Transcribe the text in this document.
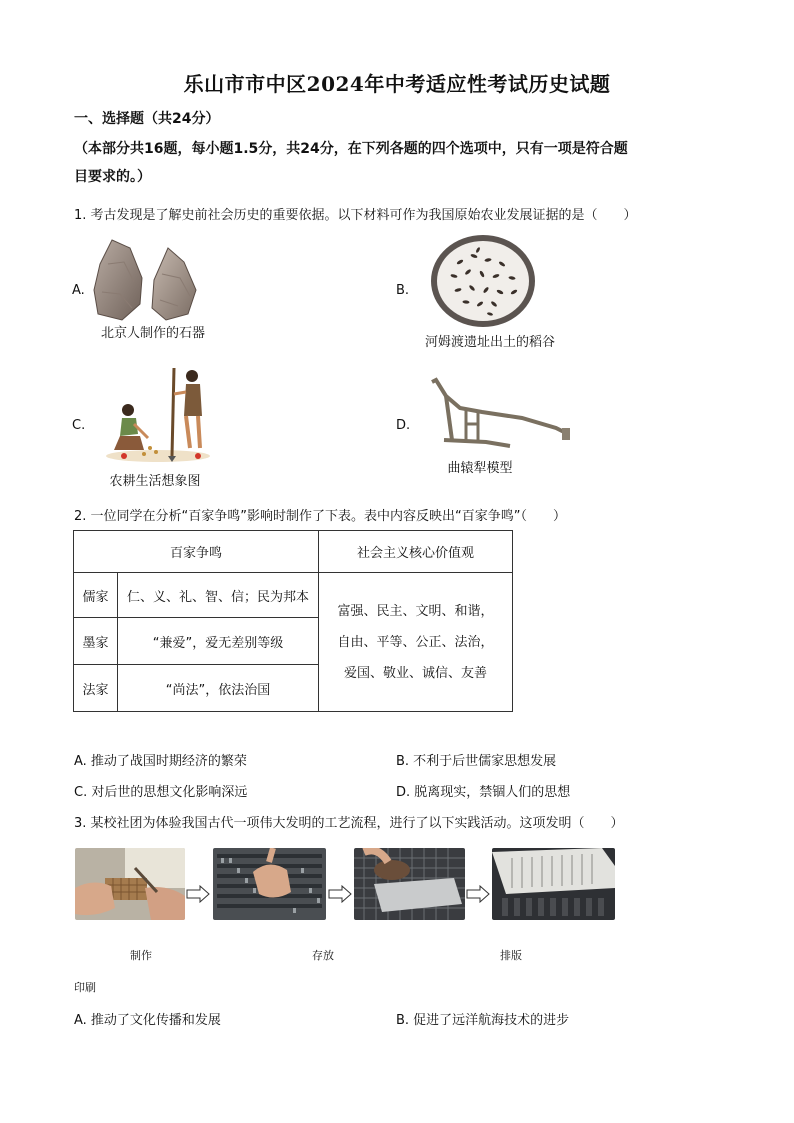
乐山市市中区2024年中考适应性考试历史试题
一、选择题（共24分）
（本部分共16题，每小题1.5分，共24分，在下列各题的四个选项中，只有一项是符合题
目要求的。）
1. 考古发现是了解史前社会历史的重要依据。以下材料可作为我国原始农业发展证据的是（　　）
A.
北京人制作的石器
B.
河姆渡遗址出土的稻谷
C.
农耕生活想象图
D.
曲辕犁模型
2. 一位同学在分析“百家争鸣”影响时制作了下表。表中内容反映出“百家争鸣”（　　）
百家争鸣		社会主义核心价值观
儒家	仁、义、礼、智、信；民为邦本	富强、民主、文明、和谐，
自由、平等、公正、法治，
爱国、敬业、诚信、友善

墨家	“兼爱”，爱无差别等级	
法家	“尚法”，依法治国	
A. 推动了战国时期经济的繁荣	B. 不利于后世儒家思想发展
C. 对后世的思想文化影响深远	D. 脱离现实，禁锢人们的思想
3. 某校社团为体验我国古代一项伟大发明的工艺流程，进行了以下实践活动。这项发明（　　）
制作	存放	排版
印刷
A. 推动了文化传播和发展	B. 促进了远洋航海技术的进步
